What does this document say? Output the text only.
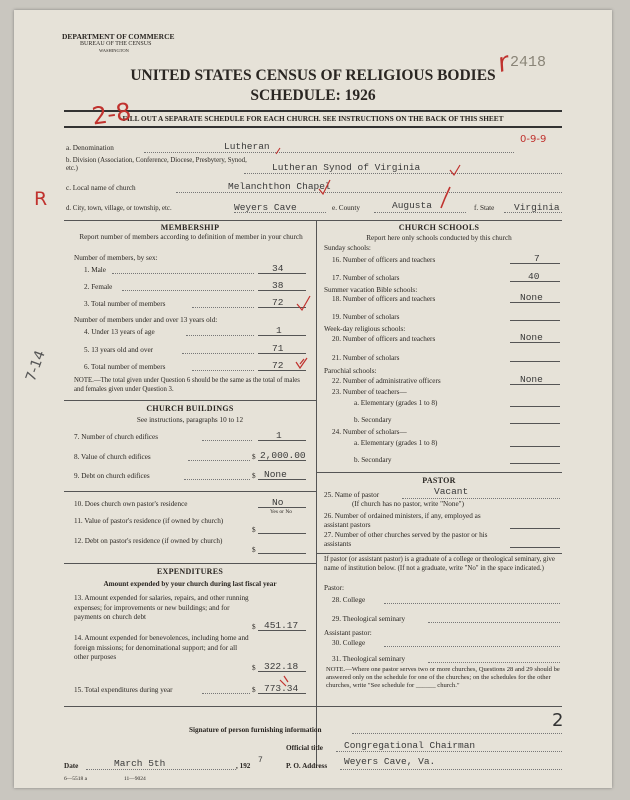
DEPARTMENT OF COMMERCE
BUREAU OF THE CENSUS
WASHINGTON
2418
r
UNITED STATES CENSUS OF RELIGIOUS BODIES
SCHEDULE: 1926
FILL OUT A SEPARATE SCHEDULE FOR EACH CHURCH. SEE INSTRUCTIONS ON THE BACK OF THIS SHEET
2-8
0-9-9
R
7-14
a. Denomination	Lutheran
b. Division (Association, Conference, Diocese, Presbytery, Synod, etc.)	Lutheran Synod of Virginia
c. Local name of church	Melanchthon Chapel
d. City, town, village, or township, etc.	Weyers Cave	e. County	Augusta	f. State Virginia
MEMBERSHIP
Report number of members according to definition of member in your church
Number of members, by sex:
1. Male	34
2. Female	38
3. Total number of members	72
Number of members under and over 13 years old:
4. Under 13 years of age	1
5. 13 years old and over	71
6. Total number of members	72
NOTE.—The total given under Question 6 should be the same as the total of males and females given under Question 3.
CHURCH BUILDINGS
See instructions, paragraphs 10 to 12
7. Number of church edifices	1
8. Value of church edifices	$ 2,000.00
9. Debt on church edifices	$ None
10. Does church own pastor's residence	No
Yes or No
11. Value of pastor's residence (if owned by church)
$
12. Debt on pastor's residence (if owned by church)
$
EXPENDITURES
Amount expended by your church during last fiscal year
13. Amount expended for salaries, repairs, and other running expenses; for improvements or new buildings; and for payments on church debt
$ 451.17
14. Amount expended for benevolences, including home and foreign missions; for denominational support; and for all other purposes
$ 322.18
15. Total expenditures during year	$ 773.34
CHURCH SCHOOLS
Report here only schools conducted by this church
Sunday schools:
16. Number of officers and teachers	7
17. Number of scholars	40
Summer vacation Bible schools:
18. Number of officers and teachers	None
19. Number of scholars
Week-day religious schools:
20. Number of officers and teachers	None
21. Number of scholars
Parochial schools:
22. Number of administrative officers	None
23. Number of teachers—
a. Elementary (grades 1 to 8)
b. Secondary
24. Number of scholars—
a. Elementary (grades 1 to 8)
b. Secondary
PASTOR
25. Name of pastor	Vacant
(If church has no pastor, write "None")
26. Number of ordained ministers, if any, employed as assistant pastors
27. Number of other churches served by the pastor or his assistants
If pastor (or assistant pastor) is a graduate of a college or theological seminary, give name of institution below. (If not a graduate, write "No" in the space indicated.)
Pastor:
28. College
29. Theological seminary
Assistant pastor:
30. College
31. Theological seminary
NOTE.—Where one pastor serves two or more churches, Questions 28 and 29 should be answered only on the schedule for one of the churches; on the schedules for the other churches, write "See schedule for ______ church."
Signature of person furnishing information	2
Official title Congregational Chairman
Date	March 5th	, 192
7
P. O. Address Weyers Cave, Va.
6—5518 a	11—9024
